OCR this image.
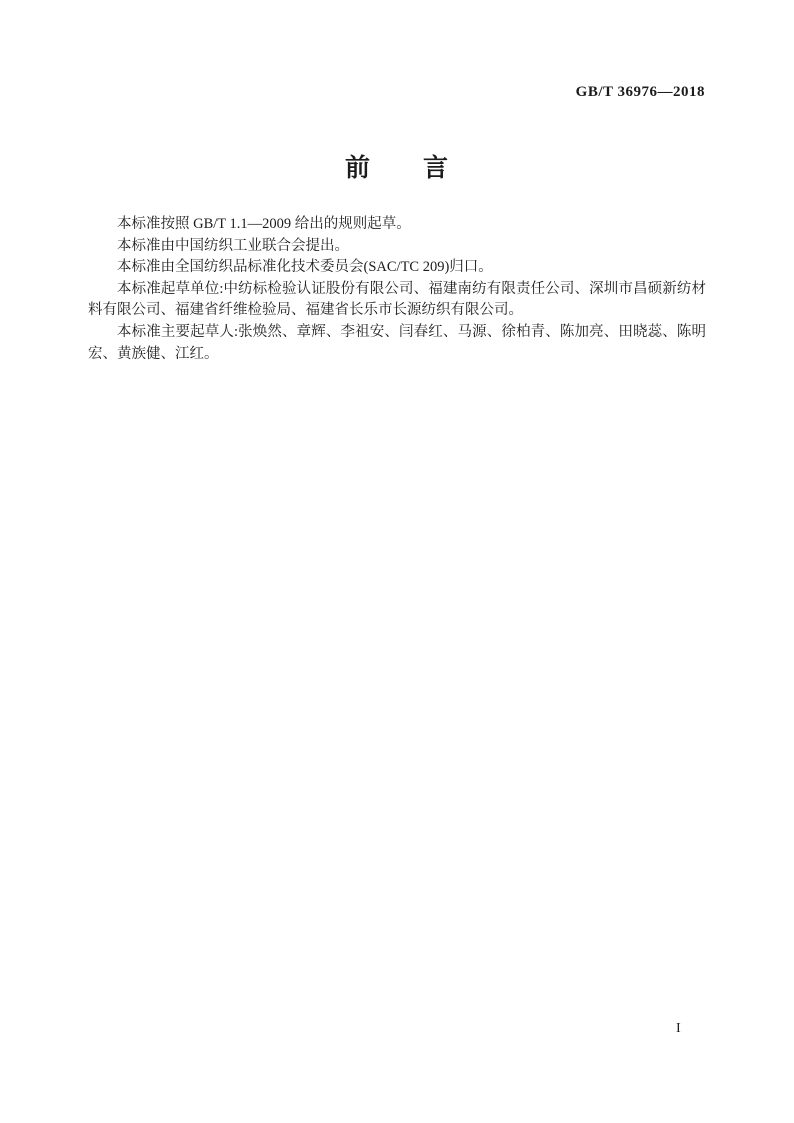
GB/T 36976—2018
前　　言

本标准按照 GB/T 1.1—2009 给出的规则起草。

本标准由中国纺织工业联合会提出。

本标准由全国纺织品标准化技术委员会(SAC/TC 209)归口。

本标准起草单位:中纺标检验认证股份有限公司、福建南纺有限责任公司、深圳市昌硕新纺材料有限公司、福建省纤维检验局、福建省长乐市长源纺织有限公司。

本标准主要起草人:张焕然、章辉、李祖安、闫春红、马源、徐柏青、陈加亮、田晓蕊、陈明宏、黄族健、江红。

I
